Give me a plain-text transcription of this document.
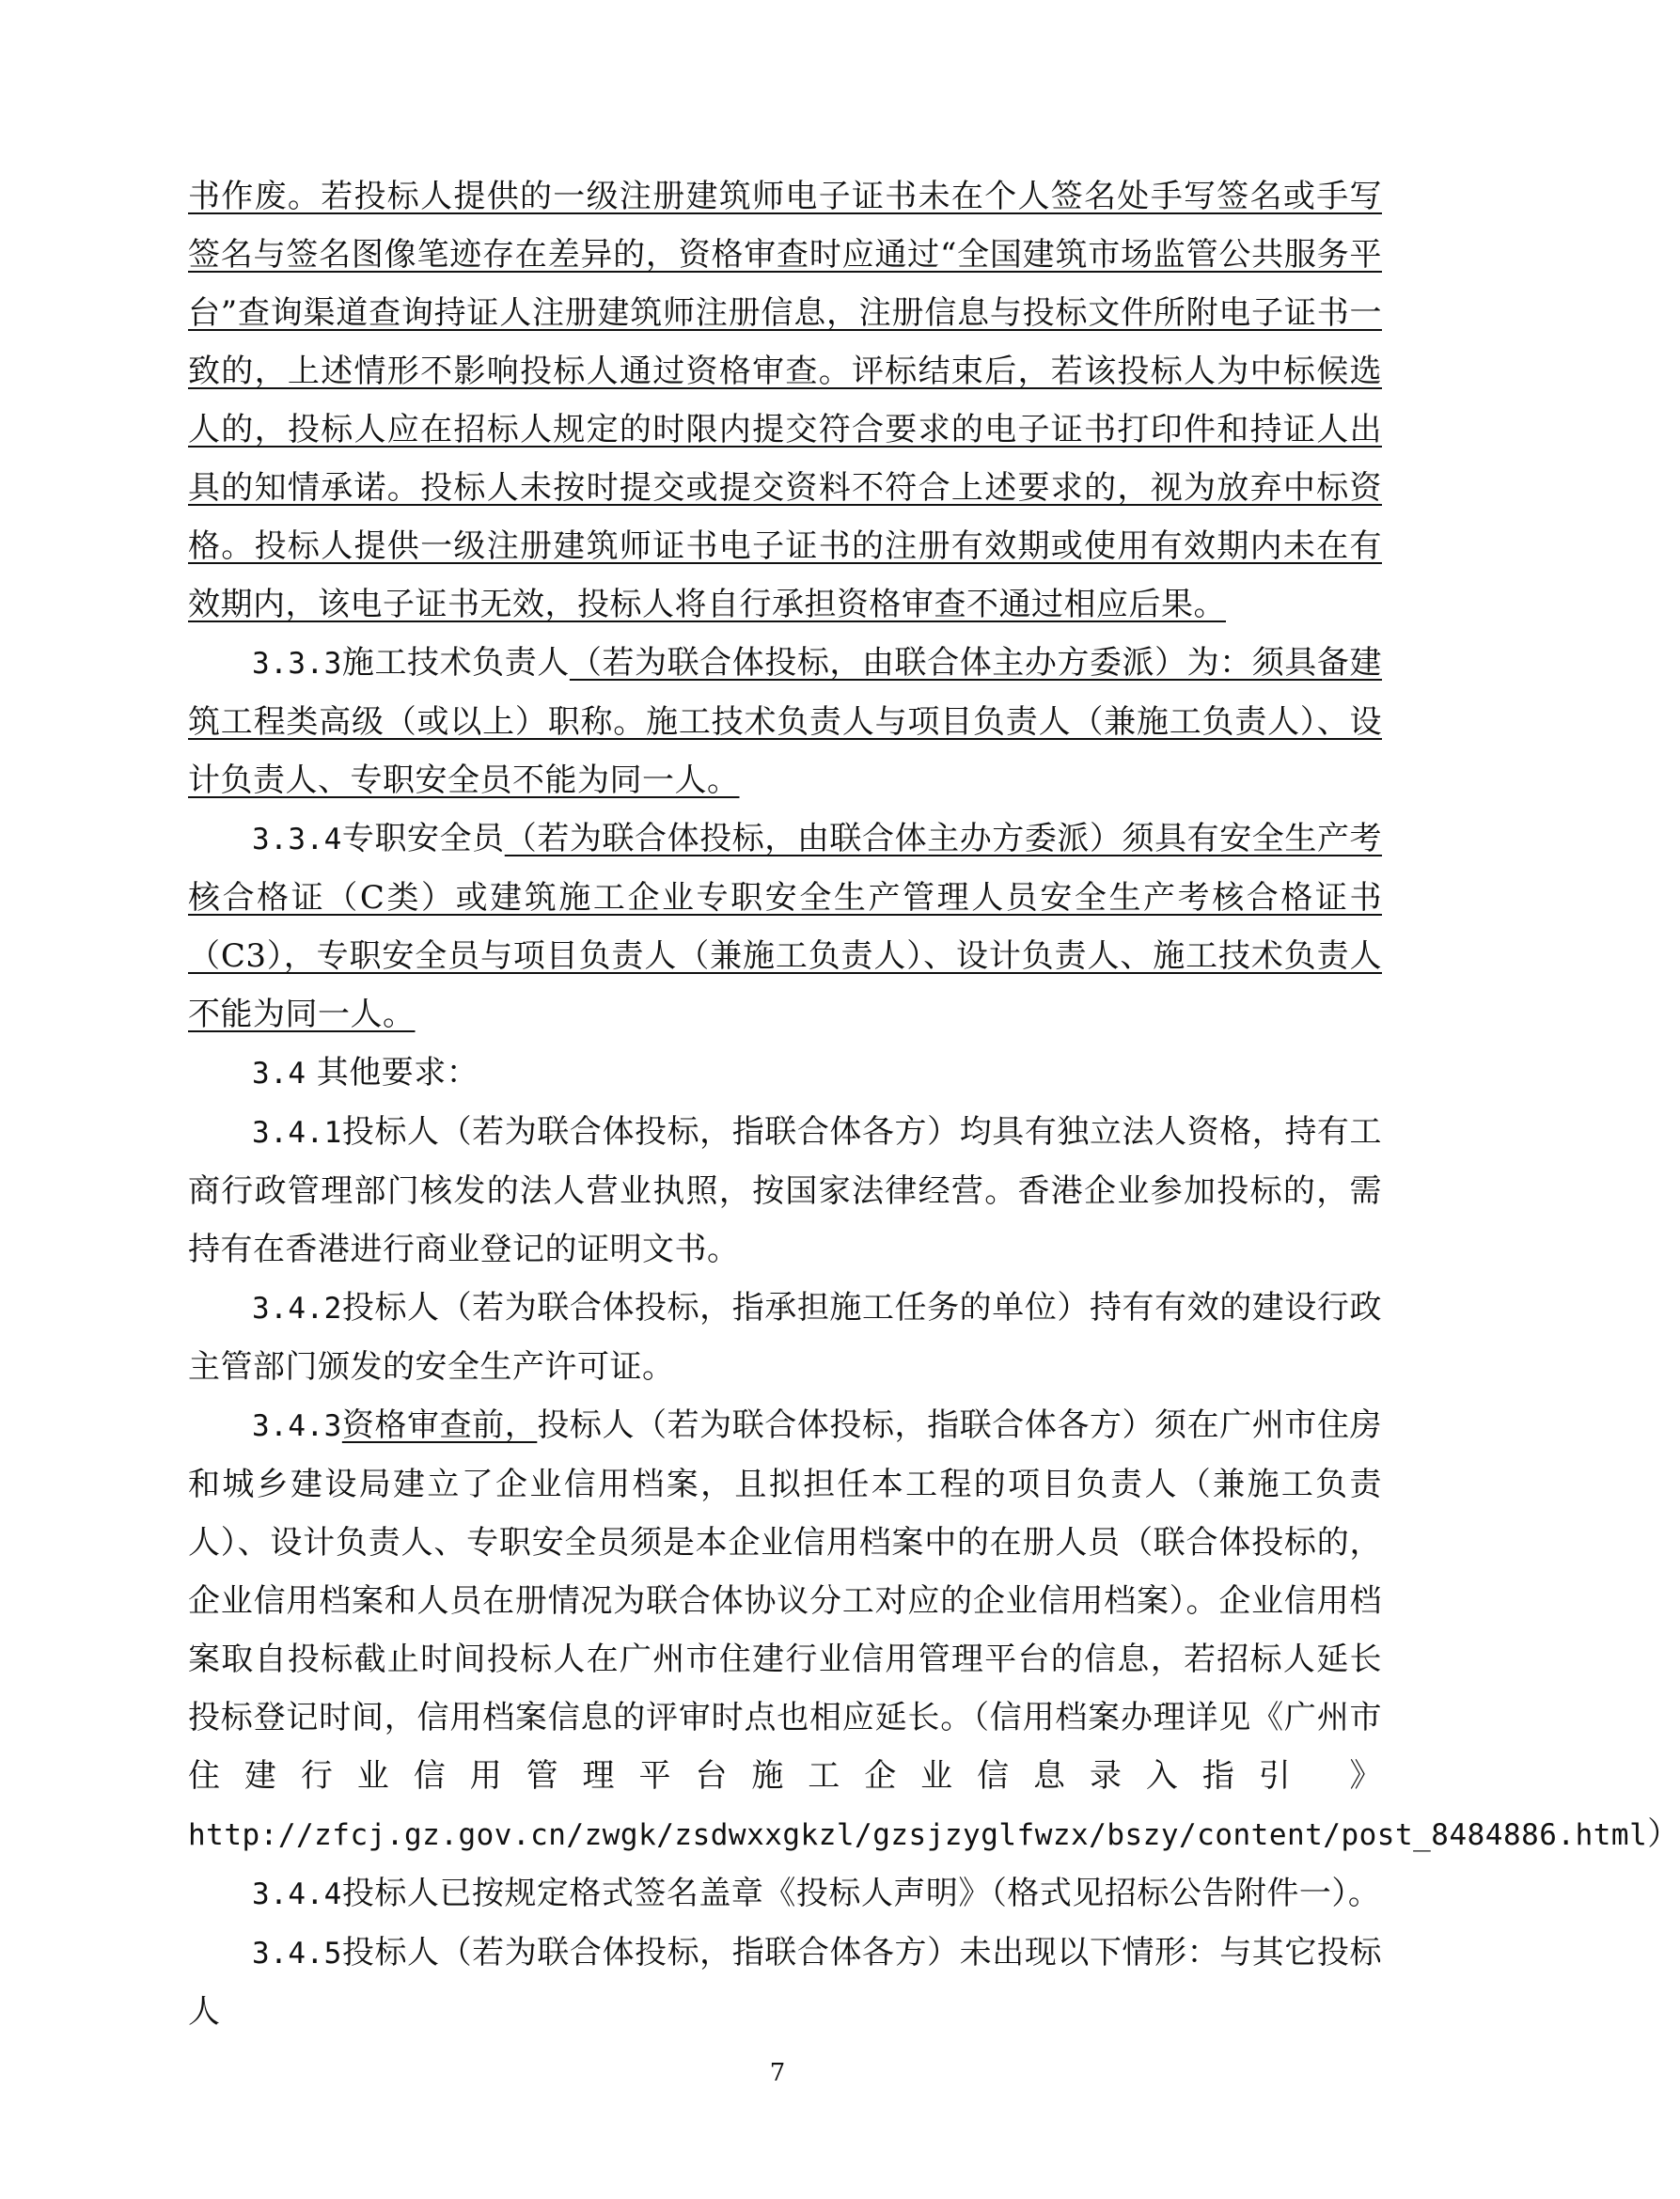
书作废。若投标人提供的一级注册建筑师电子证书未在个人签名处手写签名或手写签名与签名图像笔迹存在差异的，资格审查时应通过“全国建筑市场监管公共服务平台”查询渠道查询持证人注册建筑师注册信息，注册信息与投标文件所附电子证书一致的，上述情形不影响投标人通过资格审查。评标结束后，若该投标人为中标候选人的，投标人应在招标人规定的时限内提交符合要求的电子证书打印件和持证人出具的知情承诺。投标人未按时提交或提交资料不符合上述要求的，视为放弃中标资格。投标人提供一级注册建筑师证书电子证书的注册有效期或使用有效期内未在有效期内，该电子证书无效，投标人将自行承担资格审查不通过相应后果。

3.3.3施工技术负责人（若为联合体投标，由联合体主办方委派）为：须具备建筑工程类高级（或以上）职称。施工技术负责人与项目负责人（兼施工负责人）、设计负责人、专职安全员不能为同一人。

3.3.4专职安全员（若为联合体投标，由联合体主办方委派）须具有安全生产考核合格证（C类）或建筑施工企业专职安全生产管理人员安全生产考核合格证书（C3），专职安全员与项目负责人（兼施工负责人）、设计负责人、施工技术负责人不能为同一人。

3.4 其他要求：

3.4.1投标人（若为联合体投标，指联合体各方）均具有独立法人资格，持有工商行政管理部门核发的法人营业执照，按国家法律经营。香港企业参加投标的，需持有在香港进行商业登记的证明文书。

3.4.2投标人（若为联合体投标，指承担施工任务的单位）持有有效的建设行政主管部门颁发的安全生产许可证。

3.4.3资格审查前，投标人（若为联合体投标，指联合体各方）须在广州市住房和城乡建设局建立了企业信用档案，且拟担任本工程的项目负责人（兼施工负责人）、设计负责人、专职安全员须是本企业信用档案中的在册人员（联合体投标的，企业信用档案和人员在册情况为联合体协议分工对应的企业信用档案）。企业信用档案取自投标截止时间投标人在广州市住建行业信用管理平台的信息，若招标人延长投标登记时间，信用档案信息的评审时点也相应延长。（信用档案办理详见《广州市住建行业信用管理平台施工企业信息录入指引 》http://zfcj.gz.gov.cn/zwgk/zsdwxxgkzl/gzsjzyglfwzx/bszy/content/post_8484886.html）

3.4.4投标人已按规定格式签名盖章《投标人声明》（格式见招标公告附件一）。

3.4.5投标人（若为联合体投标，指联合体各方）未出现以下情形：与其它投标人

7
